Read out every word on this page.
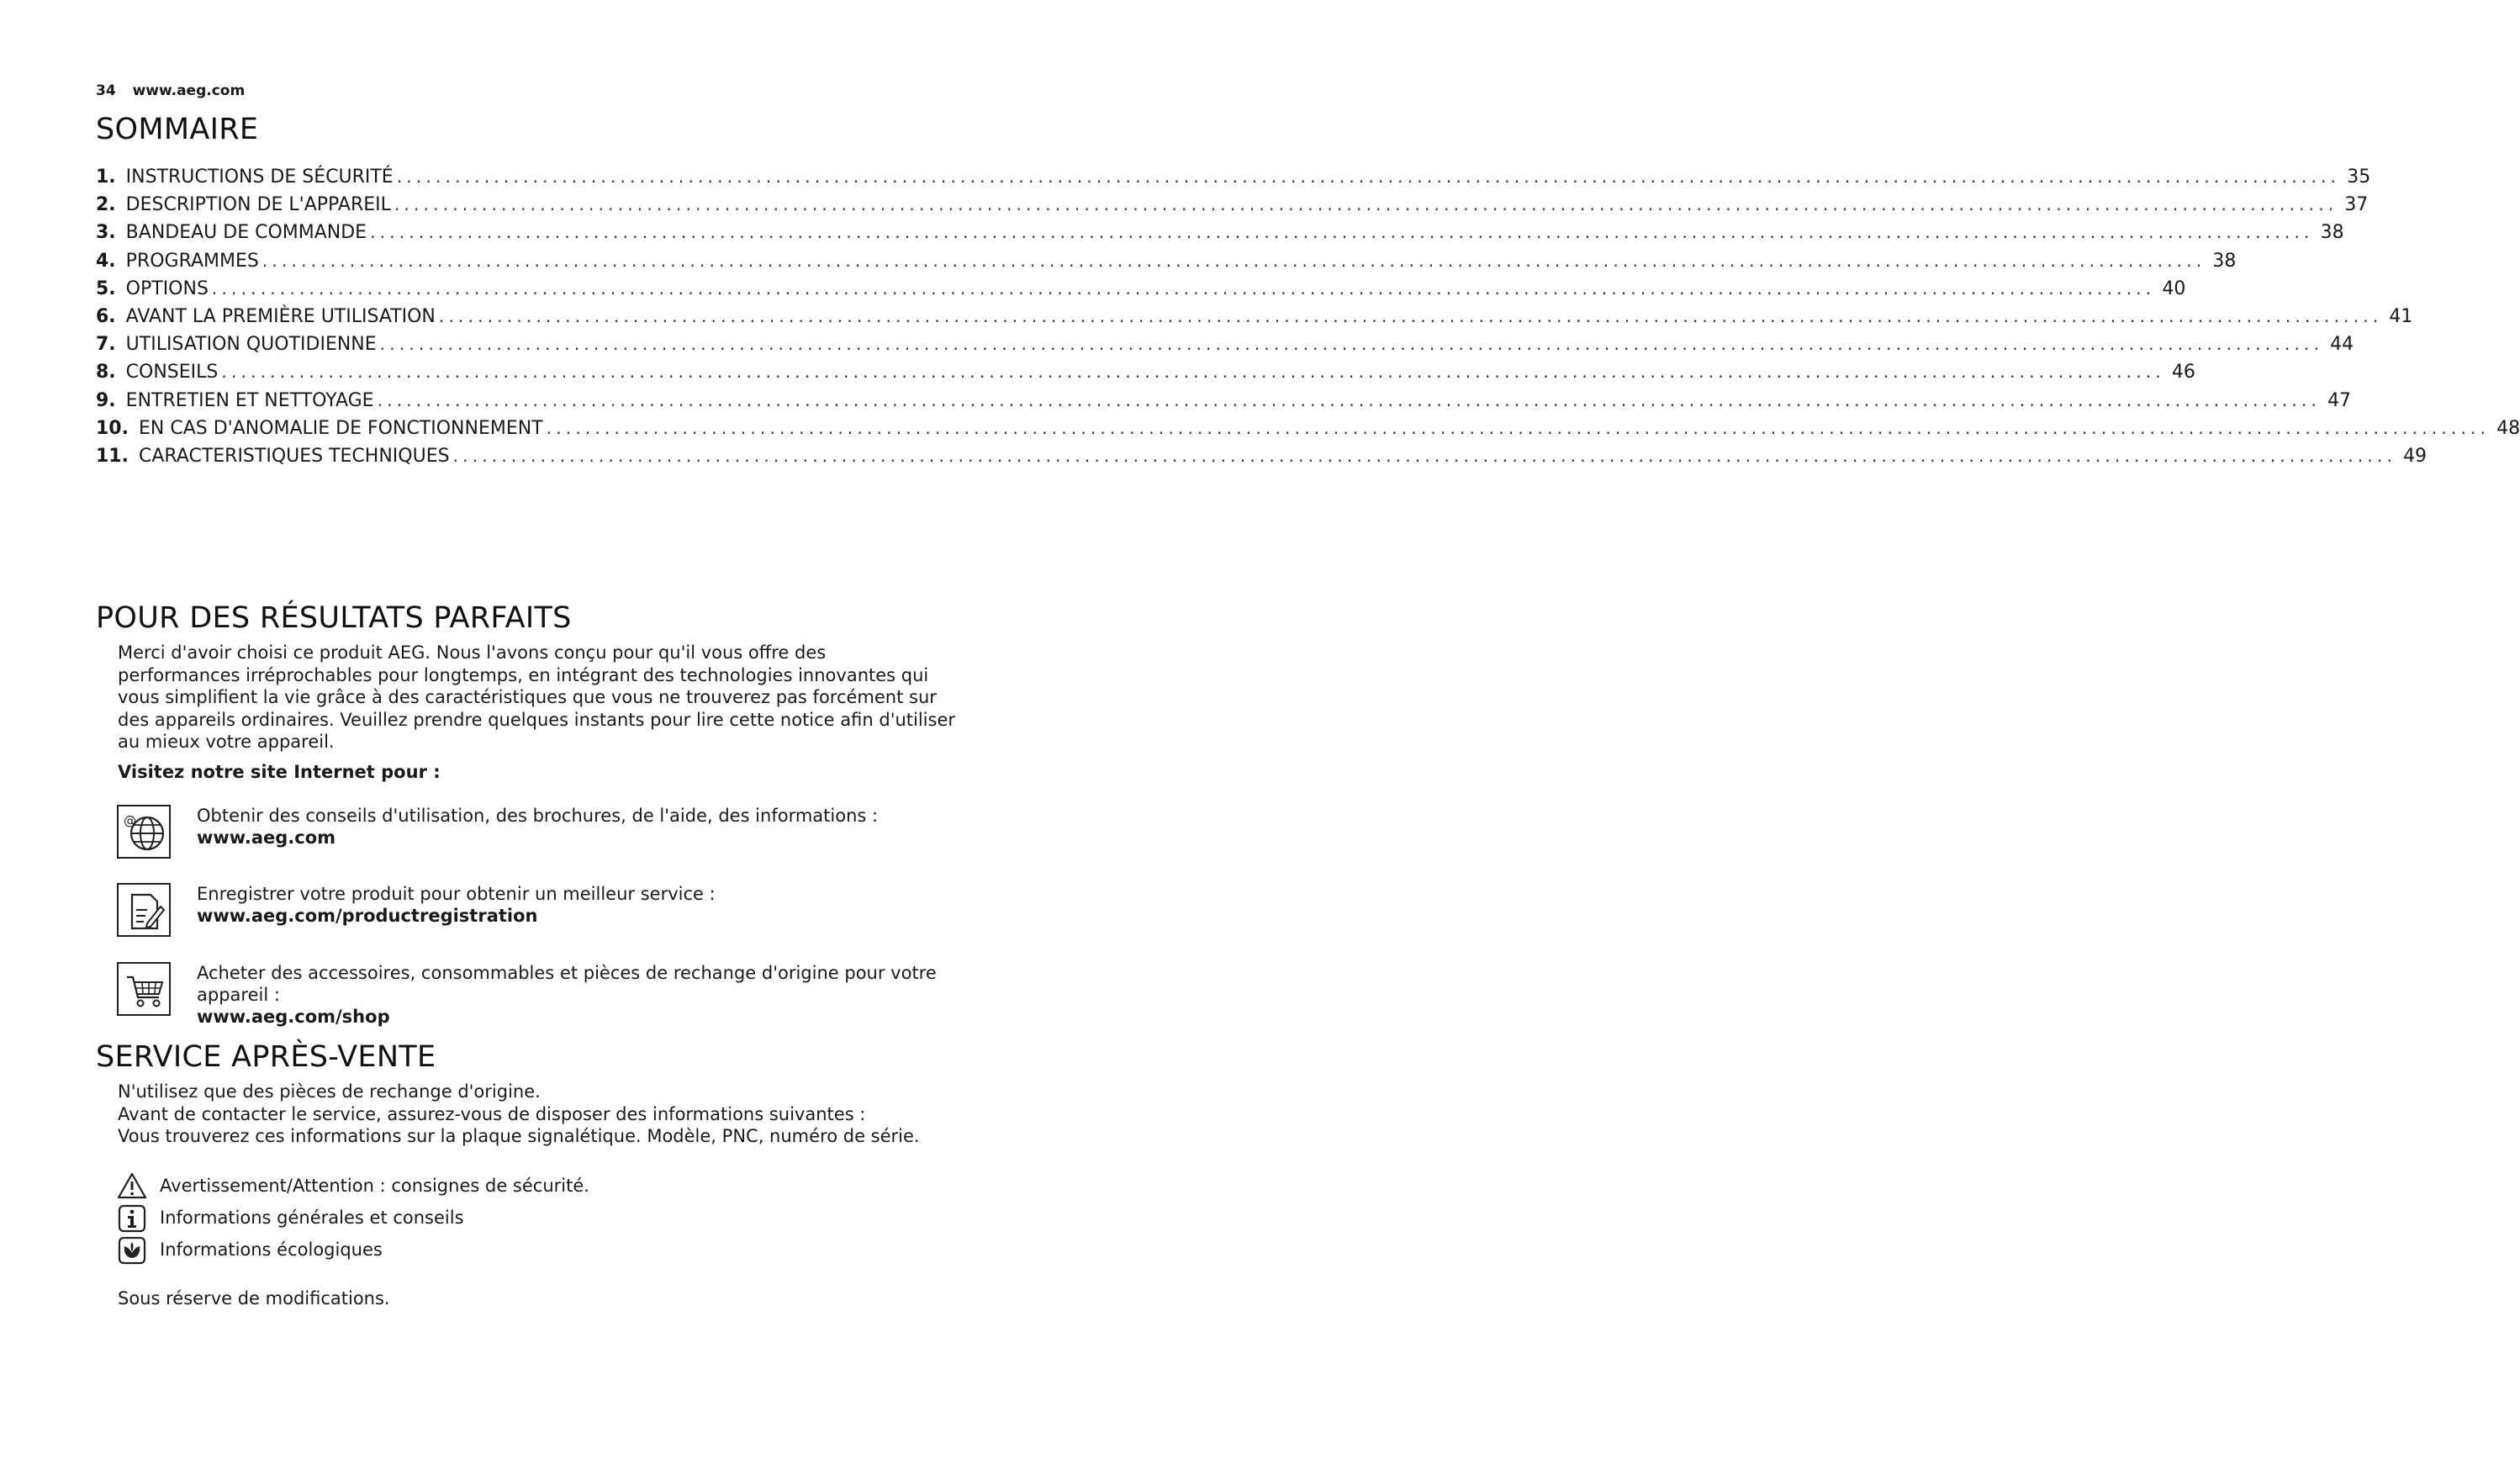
34 www.aeg.com
SOMMAIRE
1. INSTRUCTIONS DE SÉCURITÉ ........................................................................................................................................................................................................ 35
2. DESCRIPTION DE L'APPAREIL ........................................................................................................................................................................................................ 37
3. BANDEAU DE COMMANDE ........................................................................................................................................................................................................ 38
4. PROGRAMMES ........................................................................................................................................................................................................ 38
5. OPTIONS ........................................................................................................................................................................................................ 40
6. AVANT LA PREMIÈRE UTILISATION ........................................................................................................................................................................................................ 41
7. UTILISATION QUOTIDIENNE ........................................................................................................................................................................................................ 44
8. CONSEILS ........................................................................................................................................................................................................ 46
9. ENTRETIEN ET NETTOYAGE ........................................................................................................................................................................................................ 47
10. EN CAS D'ANOMALIE DE FONCTIONNEMENT ........................................................................................................................................................................................................ 48
11. CARACTERISTIQUES TECHNIQUES ........................................................................................................................................................................................................ 49
POUR DES RÉSULTATS PARFAITS
Merci d'avoir choisi ce produit AEG. Nous l'avons conçu pour qu'il vous offre des
performances irréprochables pour longtemps, en intégrant des technologies innovantes qui
vous simplifient la vie grâce à des caractéristiques que vous ne trouverez pas forcément sur
des appareils ordinaires. Veuillez prendre quelques instants pour lire cette notice afin d'utiliser
au mieux votre appareil.
Visitez notre site Internet pour :
@	Obtenir des conseils d'utilisation, des brochures, de l'aide, des informations :
www.aeg.com
Enregistrer votre produit pour obtenir un meilleur service :
www.aeg.com/productregistration
Acheter des accessoires, consommables et pièces de rechange d'origine pour votre
appareil :
www.aeg.com/shop
SERVICE APRÈS-VENTE
N'utilisez que des pièces de rechange d'origine.
Avant de contacter le service, assurez-vous de disposer des informations suivantes :
Vous trouverez ces informations sur la plaque signalétique. Modèle, PNC, numéro de série.
Avertissement/Attention : consignes de sécurité.
Informations générales et conseils
Informations écologiques
Sous réserve de modifications.
